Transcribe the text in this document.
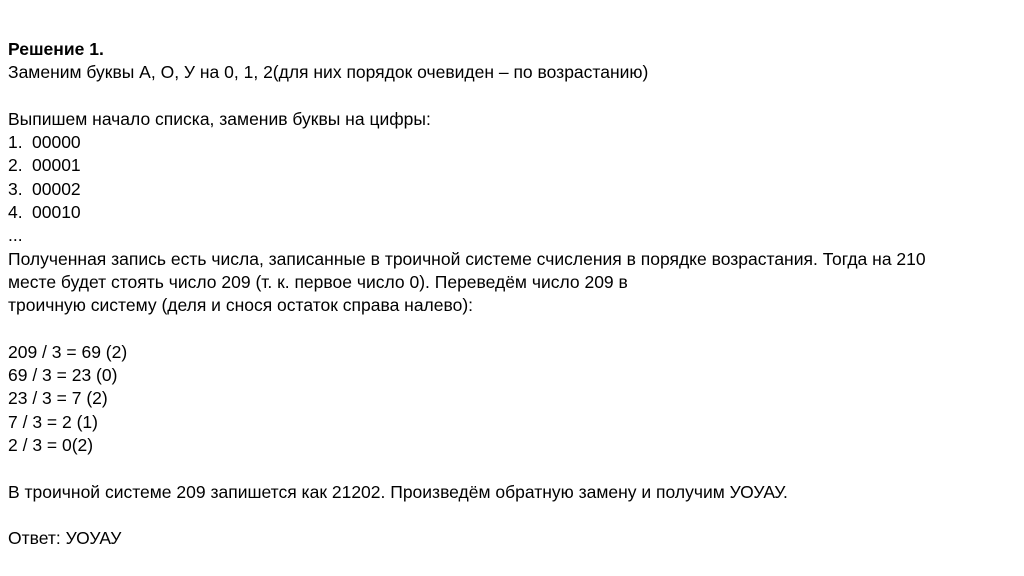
Решение 1.
Заменим буквы А, О, У на 0, 1, 2(для них порядок очевиден – по возрастанию)
Выпишем начало списка, заменив буквы на цифры:
1. 00000
2. 00001
3. 00002
4. 00010
...
Полученная запись есть числа, записанные в троичной системе счисления в порядке возрастания. Тогда на 210
месте будет стоять число 209 (т. к. первое число 0). Переведём число 209 в
троичную систему (деля и снося остаток справа налево):
209 / 3 = 69 (2)
69 / 3 = 23 (0)
23 / 3 = 7 (2)
7 / 3 = 2 (1)
2 / 3 = 0(2)
В троичной системе 209 запишется как 21202. Произведём обратную замену и получим УОУАУ.
Ответ: УОУАУ
